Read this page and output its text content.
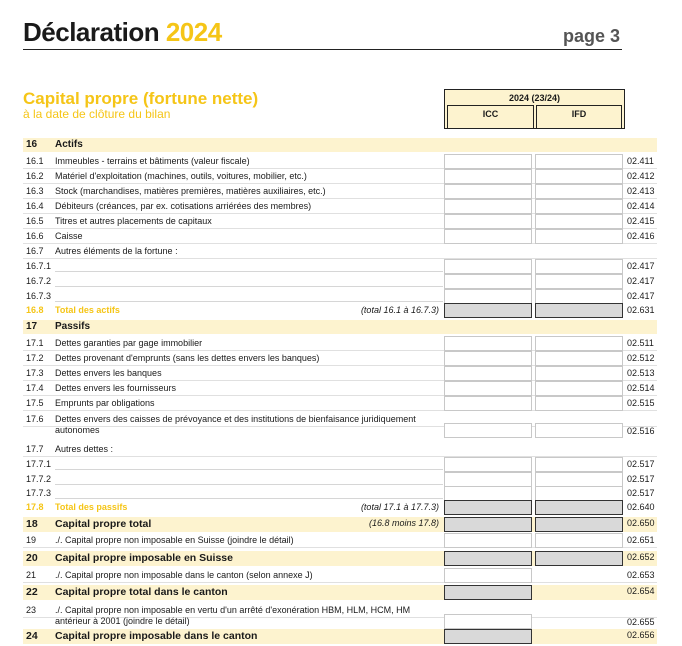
Déclaration 2024	page 3
Capital propre (fortune nette)
à la date de clôture du bilan
2024 (23/24)
ICC	IFD
16 Actifs
16.1 Immeubles - terrains et bâtiments (valeur fiscale)	02.411
16.2 Matériel d'exploitation (machines, outils, voitures, mobilier, etc.)	02.412
16.3 Stock (marchandises, matières premières, matières auxiliaires, etc.)	02.413
16.4 Débiteurs (créances, par ex. cotisations arriérées des membres)	02.414
16.5 Titres et autres placements de capitaux	02.415
16.6 Caisse	02.416
16.7 Autres éléments de la fortune :
16.7.1	02.417
16.7.2	02.417
16.7.3	02.417
16.8 Total des actifs	(total 16.1 à 16.7.3)	02.631
17 Passifs
17.1 Dettes garanties par gage immobilier	02.511
17.2 Dettes provenant d'emprunts (sans les dettes envers les banques)	02.512
17.3 Dettes envers les banques	02.513
17.4 Dettes envers les fournisseurs	02.514
17.5 Emprunts par obligations	02.515
17.6 Dettes envers des caisses de prévoyance et des institutions de bienfaisance juridiquement
autonomes	02.516
17.7 Autres dettes :
17.7.1	02.517
17.7.2	02.517
17.7.3	02.517
17.8 Total des passifs	(total 17.1 à 17.7.3)	02.640
18 Capital propre total	(16.8 moins 17.8)	02.650
19 ./. Capital propre non imposable en Suisse (joindre le détail)	02.651
20 Capital propre imposable en Suisse	02.652
21 ./. Capital propre non imposable dans le canton (selon annexe J)	02.653
22 Capital propre total dans le canton	02.654
23 ./. Capital propre non imposable en vertu d'un arrêté d'exonération HBM, HLM, HCM, HM
antérieur à 2001 (joindre le détail)	02.655
24 Capital propre imposable dans le canton	02.656
